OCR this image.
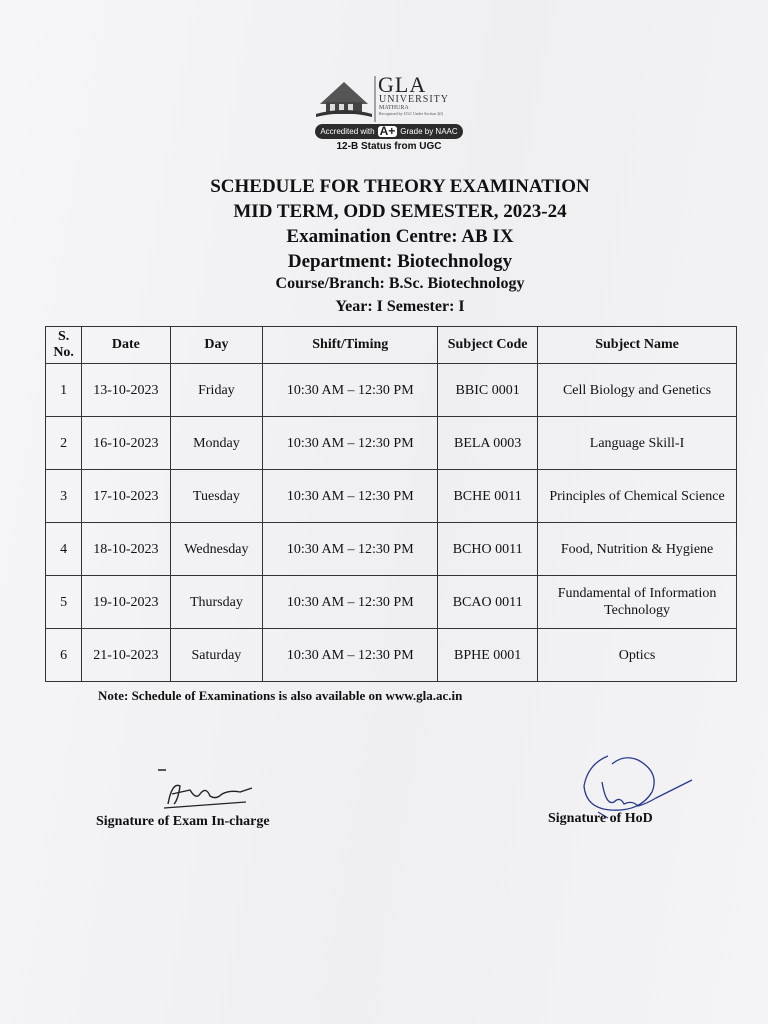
GLA
UNIVERSITY
MATHURA
Recognised by UGC Under Section 2(f)
Accredited with A+ Grade by NAAC
12-B Status from UGC
SCHEDULE FOR THEORY EXAMINATION
MID TERM, ODD SEMESTER, 2023-24
Examination Centre: AB IX
Department: Biotechnology
Course/Branch: B.Sc. Biotechnology
Year: I Semester: I
S. No.	Date	Day	Shift/Timing	Subject Code	Subject Name
1	13-10-2023	Friday	10:30 AM – 12:30 PM	BBIC 0001	Cell Biology and Genetics
2	16-10-2023	Monday	10:30 AM – 12:30 PM	BELA 0003	Language Skill-I
3	17-10-2023	Tuesday	10:30 AM – 12:30 PM	BCHE 0011	Principles of Chemical Science
4	18-10-2023	Wednesday	10:30 AM – 12:30 PM	BCHO 0011	Food, Nutrition & Hygiene
5	19-10-2023	Thursday	10:30 AM – 12:30 PM	BCAO 0011	Fundamental of Information Technology
6	21-10-2023	Saturday	10:30 AM – 12:30 PM	BPHE 0001	Optics
Note: Schedule of Examinations is also available on www.gla.ac.in
Signature of Exam In-charge	Signature of HoD
